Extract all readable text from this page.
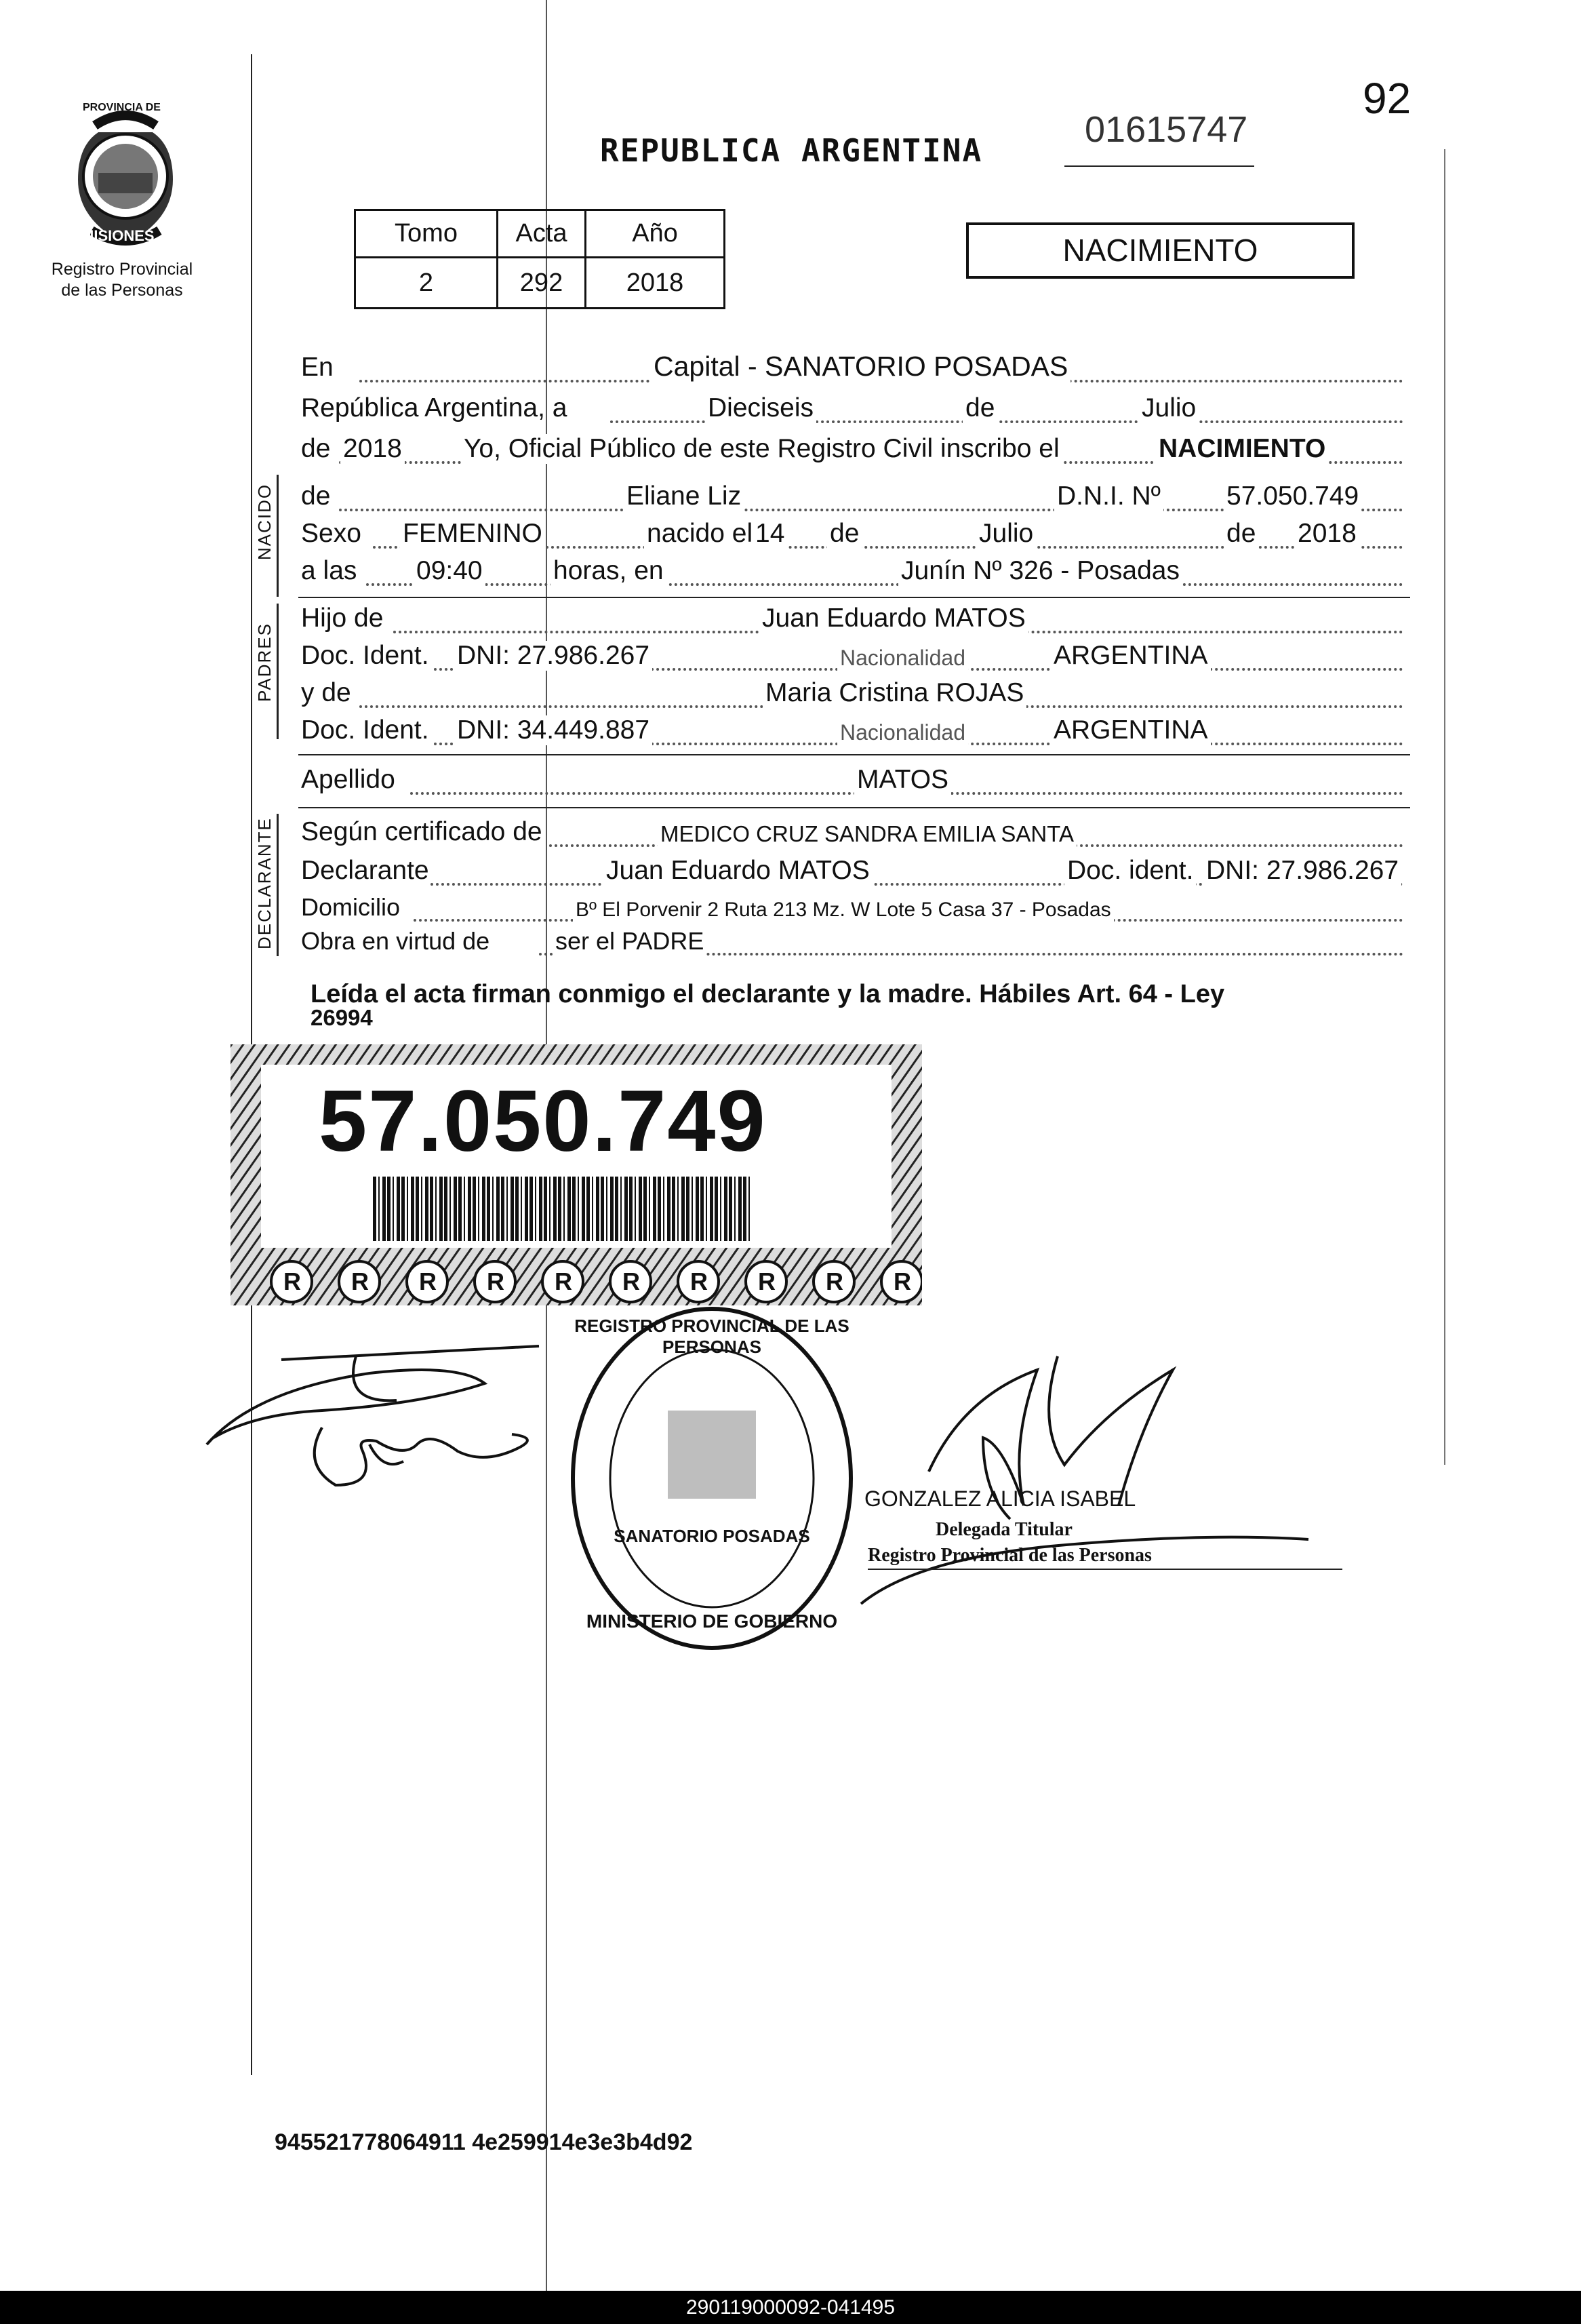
92
REPUBLICA ARGENTINA
01615747
PROVINCIA DE
MISIONES
Registro Provincial
de las Personas
Tomo	Acta	Año
2	292	2018
NACIMIENTO
En	Capital - SANATORIO POSADAS
República Argentina, a	Dieciseis	de	Julio
de 2018 Yo, Oficial Público de este Registro Civil inscribo el	NACIMIENTO
NACIDO de	Eliane Liz	D.N.I. Nº 57.050.749
Sexo FEMENINO	nacido el 14 de	Julio	de 2018
a las 09:40	horas, en	Junín Nº 326 - Posadas
PADRES
Hijo de	Juan Eduardo MATOS
Doc. Ident. DNI: 27.986.267	Nacionalidad	ARGENTINA
y de	Maria Cristina ROJAS
Doc. Ident. DNI: 34.449.887	Nacionalidad	ARGENTINA
Apellido	MATOS
DECLARANTE Según certificado de	MEDICO CRUZ SANDRA EMILIA SANTA
Declarante	Juan Eduardo MATOS	Doc. ident. DNI: 27.986.267
Domicilio	Bº El Porvenir 2 Ruta 213 Mz. W Lote 5 Casa 37 - Posadas
Obra en virtud de	ser el PADRE
Leída el acta firman conmigo el declarante y la madre. Hábiles Art. 64 - Ley
26994
R R R R R R R R R R
57.050.749
REGISTRO PROVINCIAL DE LAS PERSONAS
SANATORIO POSADAS
MINISTERIO DE GOBIERNO
GONZALEZ ALICIA ISABEL
Delegada Titular
Registro Provincial de las Personas
945521778064911 4e259914e3e3b4d92
290119000092-041495
